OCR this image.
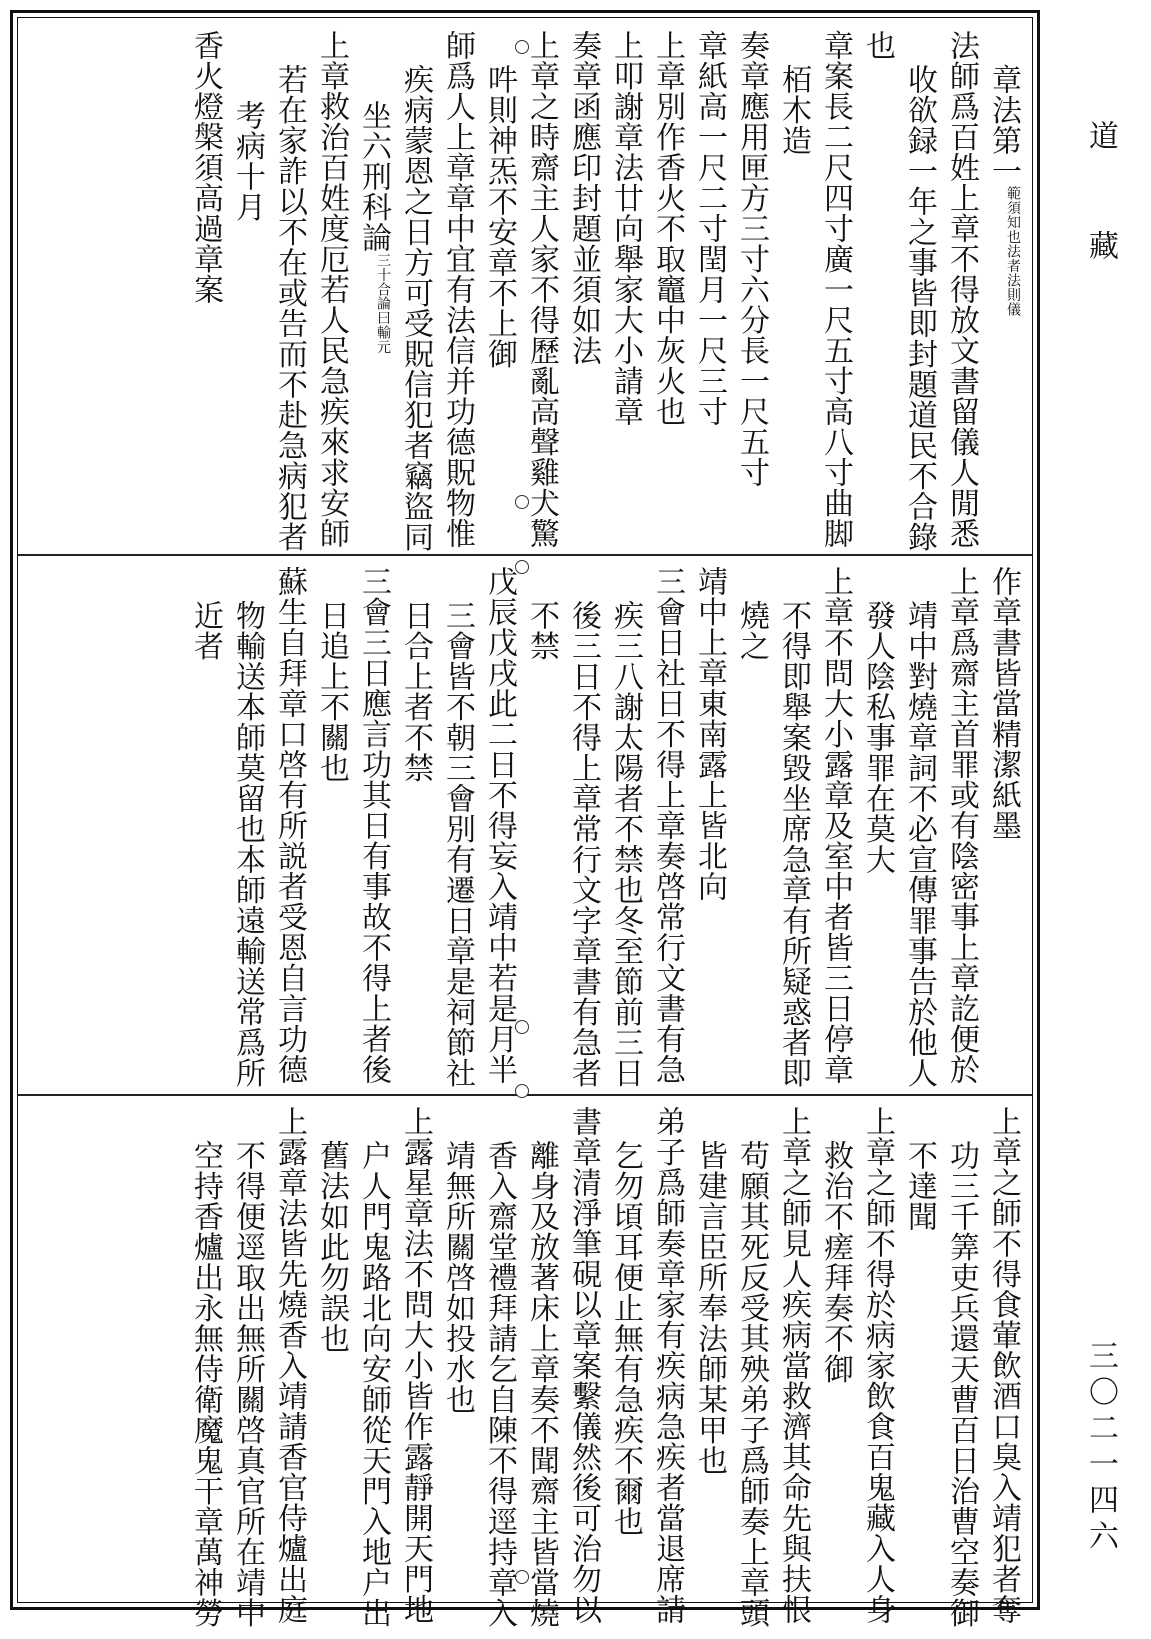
章法第一
法者法則儀
範須知也
法師爲百姓上章不得放文書留儀人閒悉
收欲録一年之事皆即封題道民不合錄
也
章案長二尺四寸廣一尺五寸高八寸曲脚
栢木造
奏章應用匣方三寸六分長一尺五寸
章紙高一尺二寸閏月一尺三寸
上章別作香火不取竈中灰火也
上叩謝章法廿向舉家大小請章
奏章函應印封題並須如法
上章之時齋主人家不得歷亂高聲雞犬驚
吽則神炁不安章不上御
師爲人上章章中宜有法信并功德貺物惟
疾病蒙恩之日方可受貺信犯者竊盜同
坐六刑科論
論曰輸元
三十合
上章救治百姓度厄若人民急疾來求安師
若在家詐以不在或告而不赴急病犯者
考病十月
香火燈槃須高過章案
作章書皆當精潔紙墨
上章爲齋主首罪或有陰密事上章訖便於
靖中對燒章詞不必宣傳罪事告於他人
發人陰私事罪在莫大
上章不問大小露章及室中者皆三日停章
不得即舉案毀坐席急章有所疑惑者即
燒之
靖中上章東南露上皆北向
三會日社日不得上章奏啓常行文書有急
疾三八謝太陽者不禁也冬至節前三日
後三日不得上章常行文字章書有急者
不禁
戊辰戊戌此二日不得妄入靖中若是月半
三會皆不朝三會別有遷日章是祠節社
日合上者不禁
三會三日應言功其日有事故不得上者後
日追上不關也
蘇生自拜章口啓有所説者受恩自言功德
物輸送本師莫留也本師遠輸送常爲所
近者
上章之師不得食葷飲酒口臭入靖犯者奪
功三千筭吏兵還天曹百日治曹空奏御
不達聞
上章之師不得於病家飲食百鬼藏入人身
救治不瘥拜奏不御
上章之師見人疾病當救濟其命先與扶恨
苟願其死反受其殃弟子爲師奏上章頭
皆建言臣所奉法師某甲也
弟子爲師奏章家有疾病急疾者當退席請
乞勿頃耳便止無有急疾不爾也
書章清淨筆硯以章案繫儀然後可治勿以
離身及放著床上章奏不聞齋主皆當燒
香入齋堂禮拜請乞自陳不得逕持章入
靖無所關啓如投水也
上露星章法不問大小皆作露靜開天門地
户人門鬼路北向安師從天門入地户出
舊法如此勿誤也
上露章法皆先燒香入靖請香官侍爐出庭
不得便逕取出無所關啓真官所在靖中
空持香爐出永無侍衛魔鬼干章萬神勞
道藏
三〇二一四六
